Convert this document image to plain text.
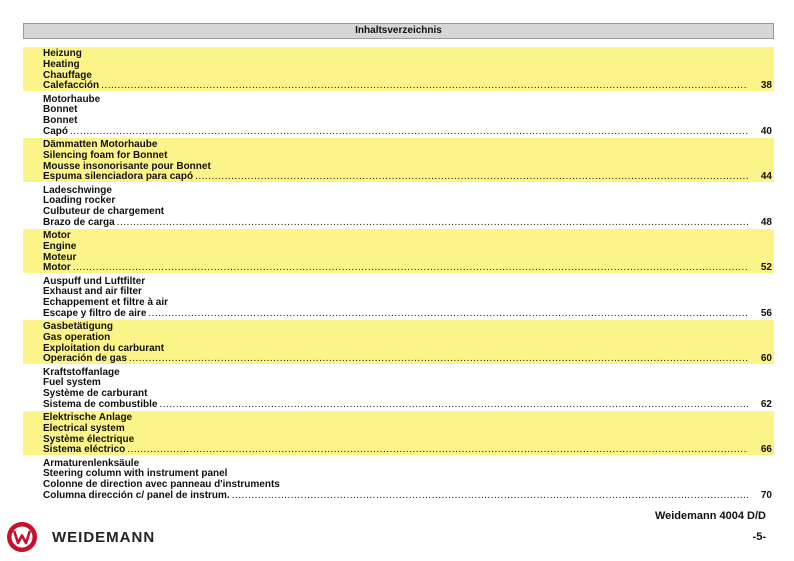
Inhaltsverzeichnis
Heizung
Heating
Chauffage
Calefacción .....	38
Motorhaube
Bonnet
Bonnet
Capó .....	40
Dämmatten Motorhaube
Silencing foam for Bonnet
Mousse insonorisante pour Bonnet
Espuma silenciadora para capó .....	44
Ladeschwinge
Loading rocker
Culbuteur de chargement
Brazo de carga .....	48
Motor
Engine
Moteur
Motor .....	52
Auspuff und Luftfilter
Exhaust and air filter
Echappement et filtre à air
Escape y filtro de aire .....	56
Gasbetätigung
Gas operation
Exploitation du carburant
Operación de gas .....	60
Kraftstoffanlage
Fuel system
Système de carburant
Sistema de combustible .....	62
Elektrische Anlage
Electrical system
Système électrique
Sistema eléctrico .....	66
Armaturenlenksäule
Steering column with instrument panel
Colonne de direction avec panneau d'instruments
Columna dirección c/ panel de instrum. .....	70
WEIDEMANN
Weidemann 4004 D/D
-5-
